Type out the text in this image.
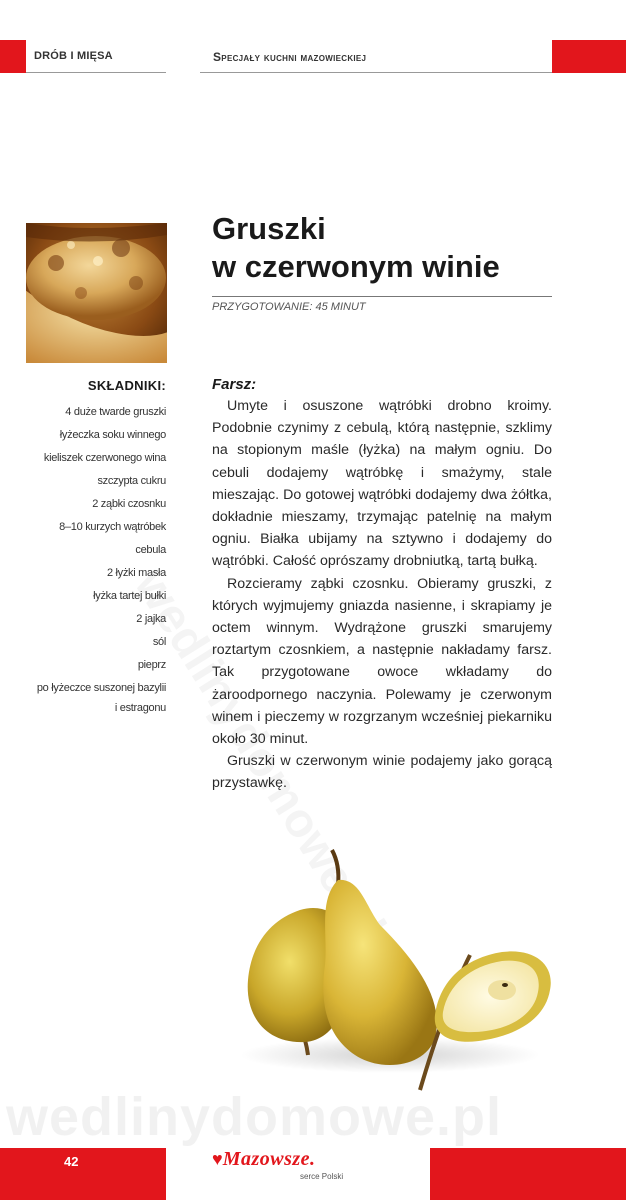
DRÓB I MIĘSA	Specjały kuchni mazowieckiej
Gruszki
w czerwonym winie
PRZYGOTOWANIE: 45 MINUT
SKŁADNIKI:
4 duże twarde gruszki
łyżeczka soku winnego
kieliszek czerwonego wina
szczypta cukru
2 ząbki czosnku
8–10 kurzych wątróbek
cebula
2 łyżki masła
łyżka tartej bułki
2 jajka
sól
pieprz
po łyżeczce suszonej bazylii
i estragonu
Farsz:

Umyte i osuszone wątróbki drobno kroimy. Podobnie czynimy z cebulą, którą następnie, szklimy na stopionym maśle (łyżka) na małym ogniu. Do cebuli dodajemy wątróbkę i smażymy, stale mieszając. Do gotowej wątróbki dodajemy dwa żółtka, dokładnie mieszamy, trzymając patelnię na małym ogniu. Białka ubijamy na sztywno i dodajemy do wątróbki. Całość oprószamy drobniutką, tartą bułką.

Rozcieramy ząbki czosnku. Obieramy gruszki, z których wyjmujemy gniazda nasienne, i skrapiamy je octem winnym. Wydrążone gruszki smarujemy roztartym czosnkiem, a następnie nakładamy farsz. Tak przygotowane owoce wkładamy do żaroodpornego naczynia. Polewamy je czerwonym winem i pieczemy w rozgrzanym wcześniej piekarniku około 30 minut.

Gruszki w czerwonym winie podajemy jako gorącą przystawkę.

wedlinydomowe.pl
42	♥Mazowsze.
serce Polski
